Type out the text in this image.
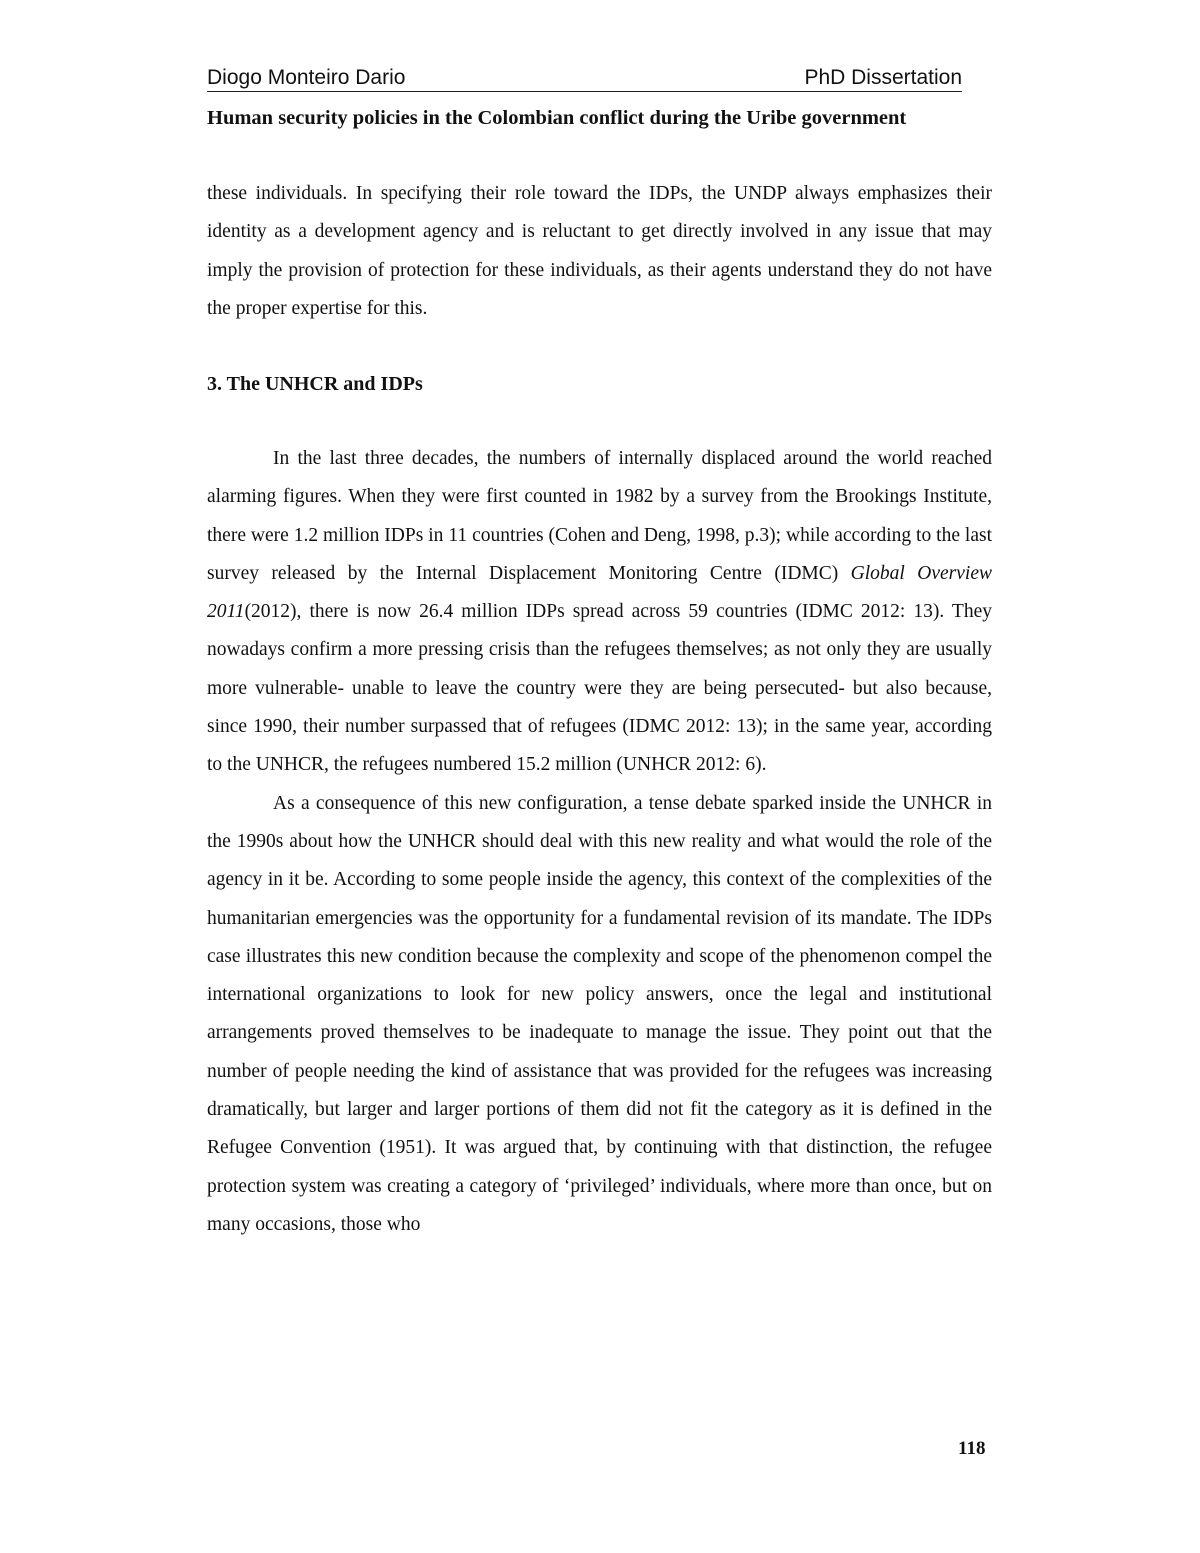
Diogo Monteiro Dario	PhD Dissertation
Human security policies in the Colombian conflict during the Uribe government

these individuals. In specifying their role toward the IDPs, the UNDP always emphasizes their identity as a development agency and is reluctant to get directly involved in any issue that may imply the provision of protection for these individuals, as their agents understand they do not have the proper expertise for this.

3. The UNHCR and IDPs

In the last three decades, the numbers of internally displaced around the world reached alarming figures. When they were first counted in 1982 by a survey from the Brookings Institute, there were 1.2 million IDPs in 11 countries (Cohen and Deng, 1998, p.3); while according to the last survey released by the Internal Displacement Monitoring Centre (IDMC) Global Overview 2011(2012), there is now 26.4 million IDPs spread across 59 countries (IDMC 2012: 13). They nowadays confirm a more pressing crisis than the refugees themselves; as not only they are usually more vulnerable- unable to leave the country were they are being persecuted- but also because, since 1990, their number surpassed that of refugees (IDMC 2012: 13); in the same year, according to the UNHCR, the refugees numbered 15.2 million (UNHCR 2012: 6).

As a consequence of this new configuration, a tense debate sparked inside the UNHCR in the 1990s about how the UNHCR should deal with this new reality and what would the role of the agency in it be. According to some people inside the agency, this context of the complexities of the humanitarian emergencies was the opportunity for a fundamental revision of its mandate. The IDPs case illustrates this new condition because the complexity and scope of the phenomenon compel the international organizations to look for new policy answers, once the legal and institutional arrangements proved themselves to be inadequate to manage the issue. They point out that the number of people needing the kind of assistance that was provided for the refugees was increasing dramatically, but larger and larger portions of them did not fit the category as it is defined in the Refugee Convention (1951). It was argued that, by continuing with that distinction, the refugee protection system was creating a category of ‘privileged’ individuals, where more than once, but on many occasions, those who

118
